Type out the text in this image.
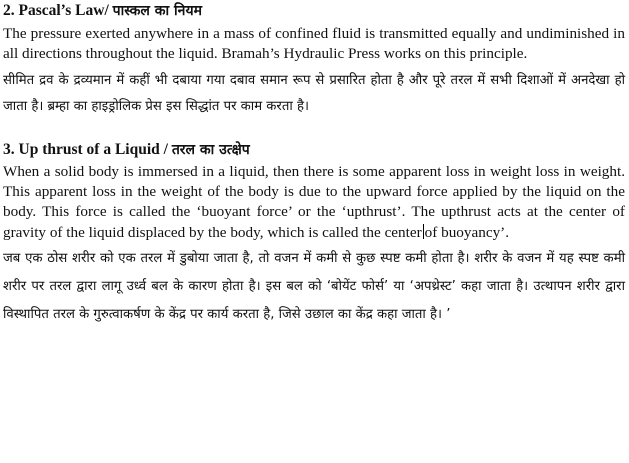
2. Pascal’s Law/ पास्कल का नियम

The pressure exerted anywhere in a mass of confined fluid is transmitted equally and undiminished in all directions throughout the liquid. Bramah’s Hydraulic Press works on this principle.

सीमित द्रव के द्रव्यमान में कहीं भी दबाया गया दबाव समान रूप से प्रसारित होता है और पूरे तरल में सभी दिशाओं में अनदेखा हो जाता है। ब्रम्हा का हाइड्रोलिक प्रेस इस सिद्धांत पर काम करता है।

3. Up thrust of a Liquid / तरल का उत्क्षेप

When a solid body is immersed in a liquid, then there is some apparent loss in weight loss in weight. This apparent loss in the weight of the body is due to the upward force applied by the liquid on the body. This force is called the ‘buoyant force’ or the ‘upthrust’. The upthrust acts at the center of gravity of the liquid displaced by the body, which is called the center of buoyancy’.

जब एक ठोस शरीर को एक तरल में डुबोया जाता है, तो वजन में कमी से कुछ स्पष्ट कमी होता है। शरीर के वजन में यह स्पष्ट कमी शरीर पर तरल द्वारा लागू उर्ध्व बल के कारण होता है। इस बल को ‘बोयेंट फोर्स’ या ‘अपथ्रेस्ट’ कहा जाता है। उत्थापन शरीर द्वारा विस्थापित तरल के गुरुत्वाकर्षण के केंद्र पर कार्य करता है, जिसे उछाल का केंद्र कहा जाता है। ’
